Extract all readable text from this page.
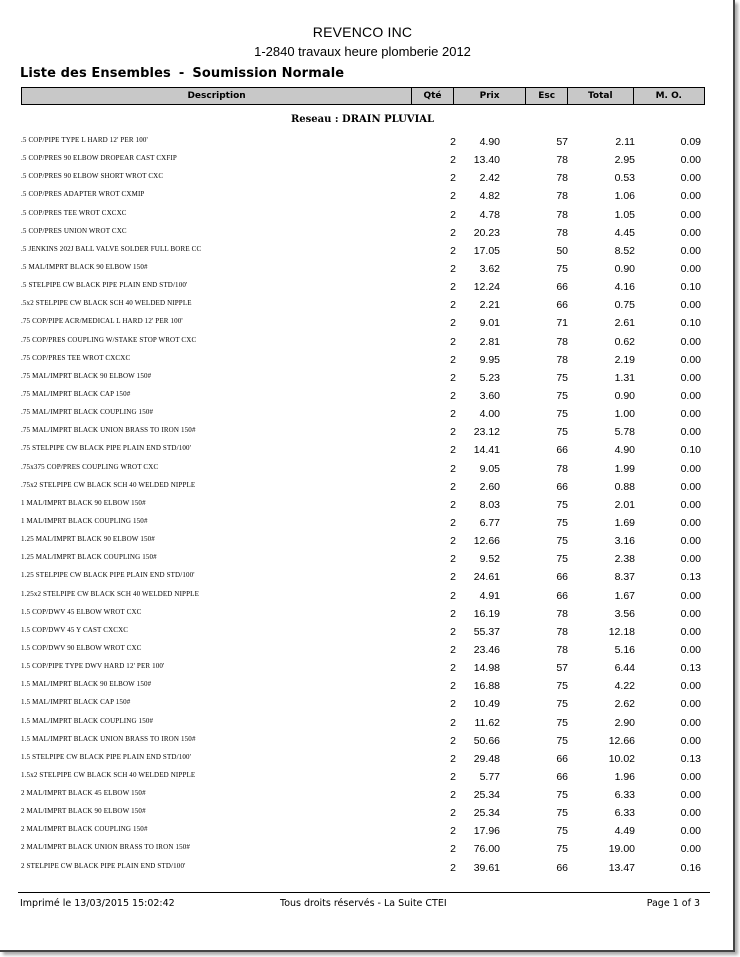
REVENCO INC
1-2840 travaux heure plomberie 2012
Liste des Ensembles - Soumission Normale
Description	Qté	Prix	Esc	Total	M. O.
Reseau : DRAIN PLUVIAL
.5 COP/PIPE TYPE L HARD 12' PER 100'	2	4.90	57	2.11	0.09
.5 COP/PRES 90 ELBOW DROPEAR CAST CXFIP	2	13.40	78	2.95	0.00
.5 COP/PRES 90 ELBOW SHORT WROT CXC	2	2.42	78	0.53	0.00
.5 COP/PRES ADAPTER WROT CXMIP	2	4.82	78	1.06	0.00
.5 COP/PRES TEE WROT CXCXC	2	4.78	78	1.05	0.00
.5 COP/PRES UNION WROT CXC	2	20.23	78	4.45	0.00
.5 JENKINS 202J BALL VALVE SOLDER FULL BORE CC	2	17.05	50	8.52	0.00
.5 MAL/IMPRT BLACK 90 ELBOW 150#	2	3.62	75	0.90	0.00
.5 STELPIPE CW BLACK PIPE PLAIN END STD/100'	2	12.24	66	4.16	0.10
.5x2 STELPIPE CW BLACK SCH 40 WELDED NIPPLE	2	2.21	66	0.75	0.00
.75 COP/PIPE ACR/MEDICAL L HARD 12' PER 100'	2	9.01	71	2.61	0.10
.75 COP/PRES COUPLING W/STAKE STOP WROT CXC	2	2.81	78	0.62	0.00
.75 COP/PRES TEE WROT CXCXC	2	9.95	78	2.19	0.00
.75 MAL/IMPRT BLACK 90 ELBOW 150#	2	5.23	75	1.31	0.00
.75 MAL/IMPRT BLACK CAP 150#	2	3.60	75	0.90	0.00
.75 MAL/IMPRT BLACK COUPLING 150#	2	4.00	75	1.00	0.00
.75 MAL/IMPRT BLACK UNION BRASS TO IRON 150#	2	23.12	75	5.78	0.00
.75 STELPIPE CW BLACK PIPE PLAIN END STD/100'	2	14.41	66	4.90	0.10
.75x375 COP/PRES COUPLING WROT CXC	2	9.05	78	1.99	0.00
.75x2 STELPIPE CW BLACK SCH 40 WELDED NIPPLE	2	2.60	66	0.88	0.00
1 MAL/IMPRT BLACK 90 ELBOW 150#	2	8.03	75	2.01	0.00
1 MAL/IMPRT BLACK COUPLING 150#	2	6.77	75	1.69	0.00
1.25 MAL/IMPRT BLACK 90 ELBOW 150#	2	12.66	75	3.16	0.00
1.25 MAL/IMPRT BLACK COUPLING 150#	2	9.52	75	2.38	0.00
1.25 STELPIPE CW BLACK PIPE PLAIN END STD/100'	2	24.61	66	8.37	0.13
1.25x2 STELPIPE CW BLACK SCH 40 WELDED NIPPLE	2	4.91	66	1.67	0.00
1.5 COP/DWV 45 ELBOW WROT CXC	2	16.19	78	3.56	0.00
1.5 COP/DWV 45 Y CAST CXCXC	2	55.37	78	12.18	0.00
1.5 COP/DWV 90 ELBOW WROT CXC	2	23.46	78	5.16	0.00
1.5 COP/PIPE TYPE DWV HARD 12' PER 100'	2	14.98	57	6.44	0.13
1.5 MAL/IMPRT BLACK 90 ELBOW 150#	2	16.88	75	4.22	0.00
1.5 MAL/IMPRT BLACK CAP 150#	2	10.49	75	2.62	0.00
1.5 MAL/IMPRT BLACK COUPLING 150#	2	11.62	75	2.90	0.00
1.5 MAL/IMPRT BLACK UNION BRASS TO IRON 150#	2	50.66	75	12.66	0.00
1.5 STELPIPE CW BLACK PIPE PLAIN END STD/100'	2	29.48	66	10.02	0.13
1.5x2 STELPIPE CW BLACK SCH 40 WELDED NIPPLE	2	5.77	66	1.96	0.00
2 MAL/IMPRT BLACK 45 ELBOW 150#	2	25.34	75	6.33	0.00
2 MAL/IMPRT BLACK 90 ELBOW 150#	2	25.34	75	6.33	0.00
2 MAL/IMPRT BLACK COUPLING 150#	2	17.96	75	4.49	0.00
2 MAL/IMPRT BLACK UNION BRASS TO IRON 150#	2	76.00	75	19.00	0.00
2 STELPIPE CW BLACK PIPE PLAIN END STD/100'	2	39.61	66	13.47	0.16
Imprimé le 13/03/2015 15:02:42	Tous droits réservés - La Suite CTEI	Page 1 of 3
